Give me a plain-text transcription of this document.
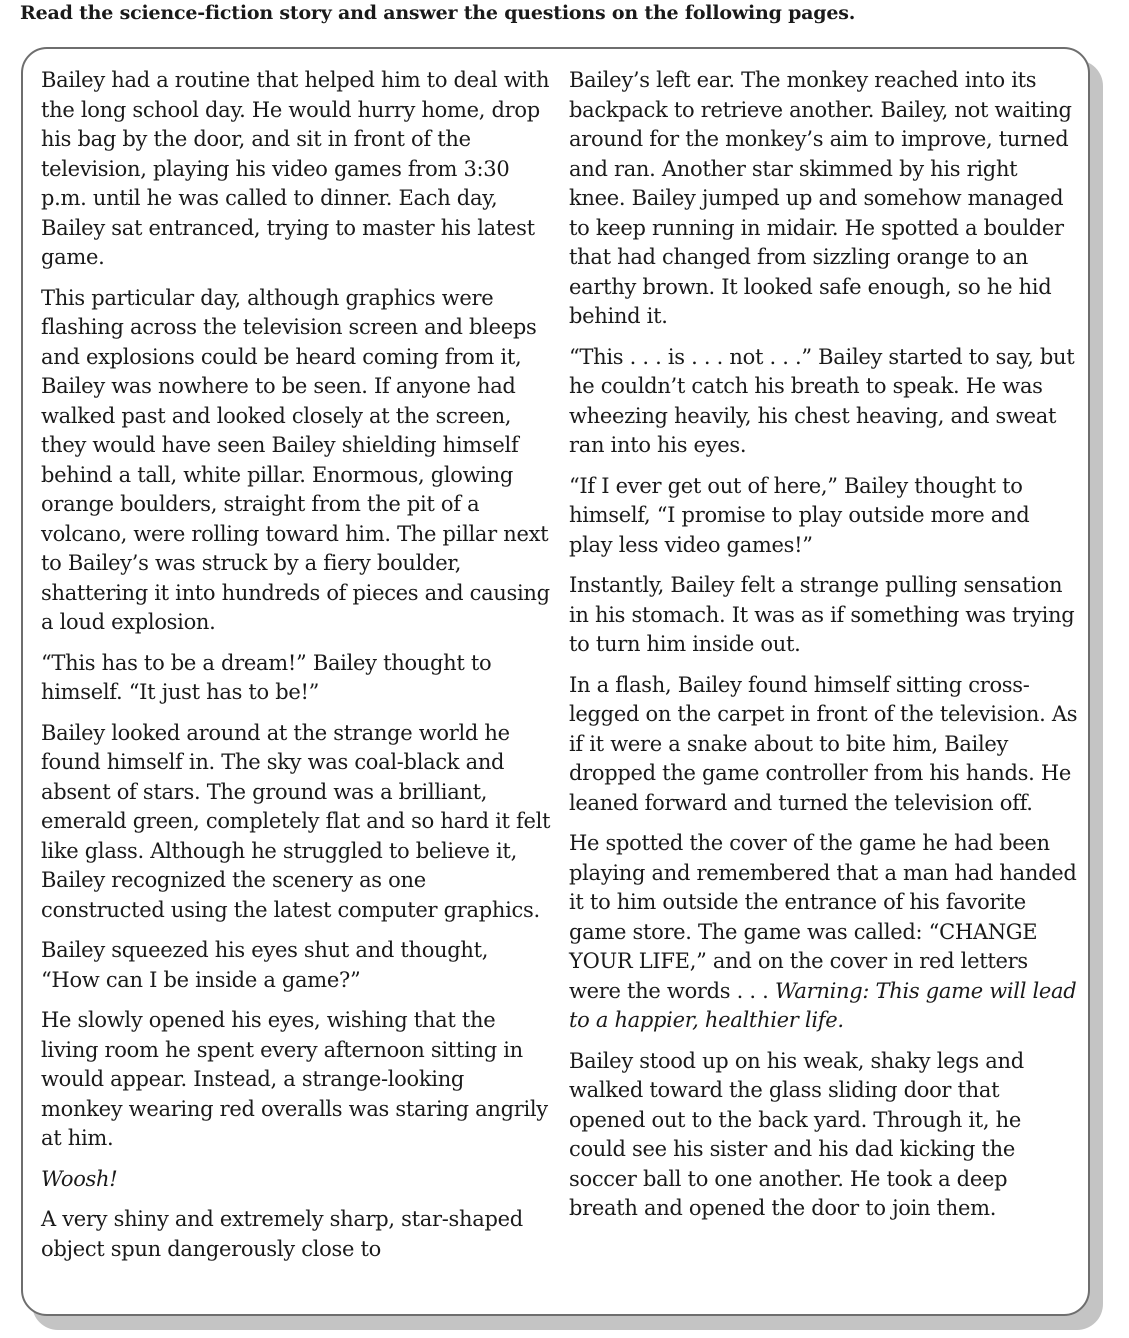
Read the science-fiction story and answer the questions on the following pages.

Bailey had a routine that helped him to deal with the long school day. He would hurry home, drop his bag by the door, and sit in front of the television, playing his video games from 3:30 p.m. until he was called to dinner. Each day, Bailey sat entranced, trying to master his latest game.

This particular day, although graphics were flashing across the television screen and bleeps and explosions could be heard coming from it, Bailey was nowhere to be seen. If anyone had walked past and looked closely at the screen, they would have seen Bailey shielding himself behind a tall, white pillar. Enormous, glowing orange boulders, straight from the pit of a volcano, were rolling toward him. The pillar next to Bailey’s was struck by a fiery boulder, shattering it into hundreds of pieces and causing a loud explosion.

“This has to be a dream!” Bailey thought to himself. “It just has to be!”

Bailey looked around at the strange world he found himself in. The sky was coal-black and absent of stars. The ground was a brilliant, emerald green, completely flat and so hard it felt like glass. Although he struggled to believe it, Bailey recognized the scenery as one constructed using the latest computer graphics.

Bailey squeezed his eyes shut and thought, “How can I be inside a game?”

He slowly opened his eyes, wishing that the living room he spent every afternoon sitting in would appear. Instead, a strange-looking monkey wearing red overalls was staring angrily at him.

Woosh!

A very shiny and extremely sharp, star-shaped object spun dangerously close to

Bailey’s left ear. The monkey reached into its backpack to retrieve another. Bailey, not waiting around for the monkey’s aim to improve, turned and ran. Another star skimmed by his right knee. Bailey jumped up and somehow managed to keep running in midair. He spotted a boulder that had changed from sizzling orange to an earthy brown. It looked safe enough, so he hid behind it.

“This . . . is . . . not . . .” Bailey started to say, but he couldn’t catch his breath to speak. He was wheezing heavily, his chest heaving, and sweat ran into his eyes.

“If I ever get out of here,” Bailey thought to himself, “I promise to play outside more and play less video games!”

Instantly, Bailey felt a strange pulling sensation in his stomach. It was as if something was trying to turn him inside out.

In a flash, Bailey found himself sitting cross-legged on the carpet in front of the television. As if it were a snake about to bite him, Bailey dropped the game controller from his hands. He leaned forward and turned the television off.

He spotted the cover of the game he had been playing and remembered that a man had handed it to him outside the entrance of his favorite game store. The game was called: “CHANGE YOUR LIFE,” and on the cover in red letters were the words . . . Warning: This game will lead to a happier, healthier life.

Bailey stood up on his weak, shaky legs and walked toward the glass sliding door that opened out to the back yard. Through it, he could see his sister and his dad kicking the soccer ball to one another. He took a deep breath and opened the door to join them.
